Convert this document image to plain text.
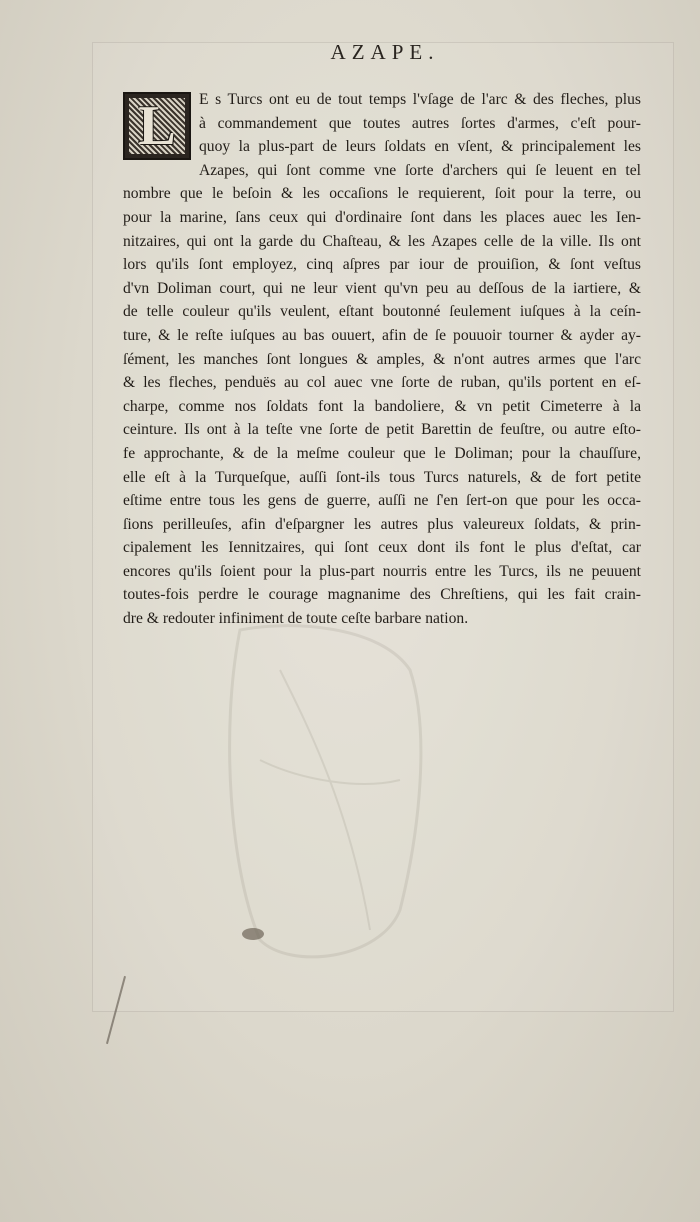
AZAPE.
L	E s Turcs ont eu de tout temps l'vſage de l'arc & des fleches, plus
à commandement que toutes autres ſortes d'armes, c'eſt pour-
quoy la plus-part de leurs ſoldats en vſent, & principalement les
Azapes, qui ſont comme vne ſorte d'archers qui ſe leuent en tel
nombre que le beſoin & les occaſions le requierent, ſoit pour la terre, ou
pour la marine, ſans ceux qui d'ordinaire ſont dans les places auec les Ien-
nitzaires, qui ont la garde du Chaſteau, & les Azapes celle de la ville. Ils ont
lors qu'ils ſont employez, cinq aſpres par iour de prouiſion, & ſont veſtus
d'vn Doliman court, qui ne leur vient qu'vn peu au deſſous de la iartiere, &
de telle couleur qu'ils veulent, eſtant boutonné ſeulement iuſques à la ceín-
ture, & le reſte iuſques au bas ouuert, afin de ſe pouuoir tourner & ayder ay-
ſément, les manches ſont longues & amples, & n'ont autres armes que l'arc
& les fleches, penduës au col auec vne ſorte de ruban, qu'ils portent en eſ-
charpe, comme nos ſoldats font la bandoliere, & vn petit Cimeterre à la
ceinture. Ils ont à la teſte vne ſorte de petit Barettin de feuſtre, ou autre eſto-
fe approchante, & de la meſme couleur que le Doliman; pour la chauſſure,
elle eſt à la Turqueſque, auſſi ſont-ils tous Turcs naturels, & de fort petite
eſtime entre tous les gens de guerre, auſſi ne ſ'en ſert-on que pour les occa-
ſions perilleuſes, afin d'eſpargner les autres plus valeureux ſoldats, & prin-
cipalement les Iennitzaires, qui ſont ceux dont ils font le plus d'eſtat, car
encores qu'ils ſoient pour la plus-part nourris entre les Turcs, ils ne peuuent
toutes-fois perdre le courage magnanime des Chreſtiens, qui les fait crain-
dre & redouter infiniment de toute ceſte barbare nation.
